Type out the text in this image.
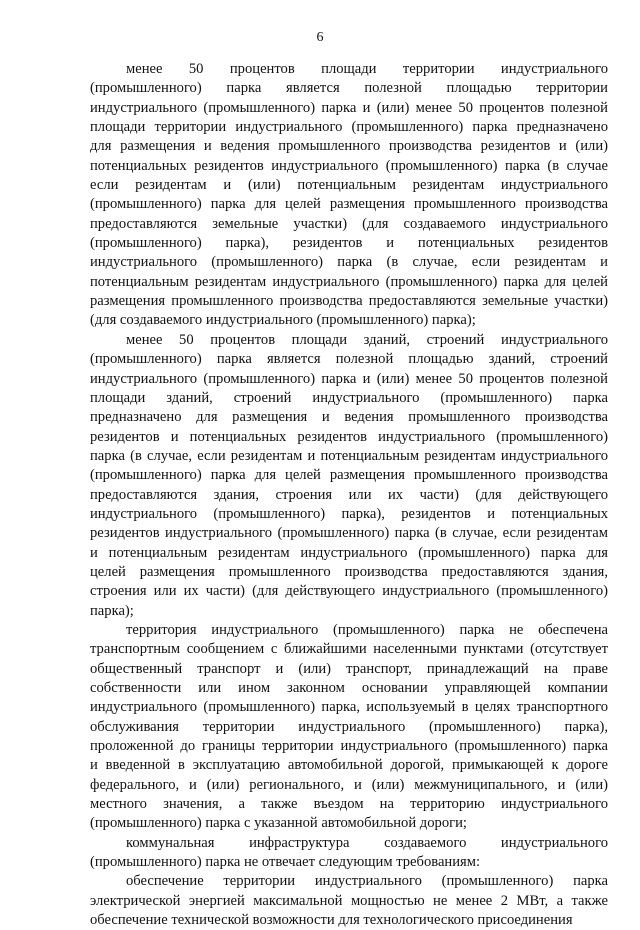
6
менее 50 процентов площади территории индустриального
(промышленного) парка является полезной площадью территории
индустриального (промышленного) парка и (или) менее 50 процентов полезной
площади территории индустриального (промышленного) парка предназначено
для размещения и ведения промышленного производства резидентов и (или)
потенциальных резидентов индустриального (промышленного) парка (в случае
если резидентам и (или) потенциальным резидентам индустриального
(промышленного) парка для целей размещения промышленного производства
предоставляются земельные участки) (для создаваемого индустриального
(промышленного) парка), резидентов и потенциальных резидентов
индустриального (промышленного) парка (в случае, если резидентам и
потенциальным резидентам индустриального (промышленного) парка для целей
размещения промышленного производства предоставляются земельные участки)
(для создаваемого индустриального (промышленного) парка);
менее 50 процентов площади зданий, строений индустриального
(промышленного) парка является полезной площадью зданий, строений
индустриального (промышленного) парка и (или) менее 50 процентов полезной
площади зданий, строений индустриального (промышленного) парка
предназначено для размещения и ведения промышленного производства
резидентов и потенциальных резидентов индустриального (промышленного)
парка (в случае, если резидентам и потенциальным резидентам индустриального
(промышленного) парка для целей размещения промышленного производства
предоставляются здания, строения или их части) (для действующего
индустриального (промышленного) парка), резидентов и потенциальных
резидентов индустриального (промышленного) парка (в случае, если резидентам
и потенциальным резидентам индустриального (промышленного) парка для
целей размещения промышленного производства предоставляются здания,
строения или их части) (для действующего индустриального (промышленного)
парка);
территория индустриального (промышленного) парка не обеспечена
транспортным сообщением с ближайшими населенными пунктами (отсутствует
общественный транспорт и (или) транспорт, принадлежащий на праве
собственности или ином законном основании управляющей компании
индустриального (промышленного) парка, используемый в целях транспортного
обслуживания территории индустриального (промышленного) парка),
проложенной до границы территории индустриального (промышленного) парка
и введенной в эксплуатацию автомобильной дорогой, примыкающей к дороге
федерального, и (или) регионального, и (или) межмуниципального, и (или)
местного значения, а также въездом на территорию индустриального
(промышленного) парка с указанной автомобильной дороги;
коммунальная инфраструктура создаваемого индустриального
(промышленного) парка не отвечает следующим требованиям:
обеспечение территории индустриального (промышленного) парка
электрической энергией максимальной мощностью не менее 2 МВт, а также
обеспечение технической возможности для технологического присоединения
